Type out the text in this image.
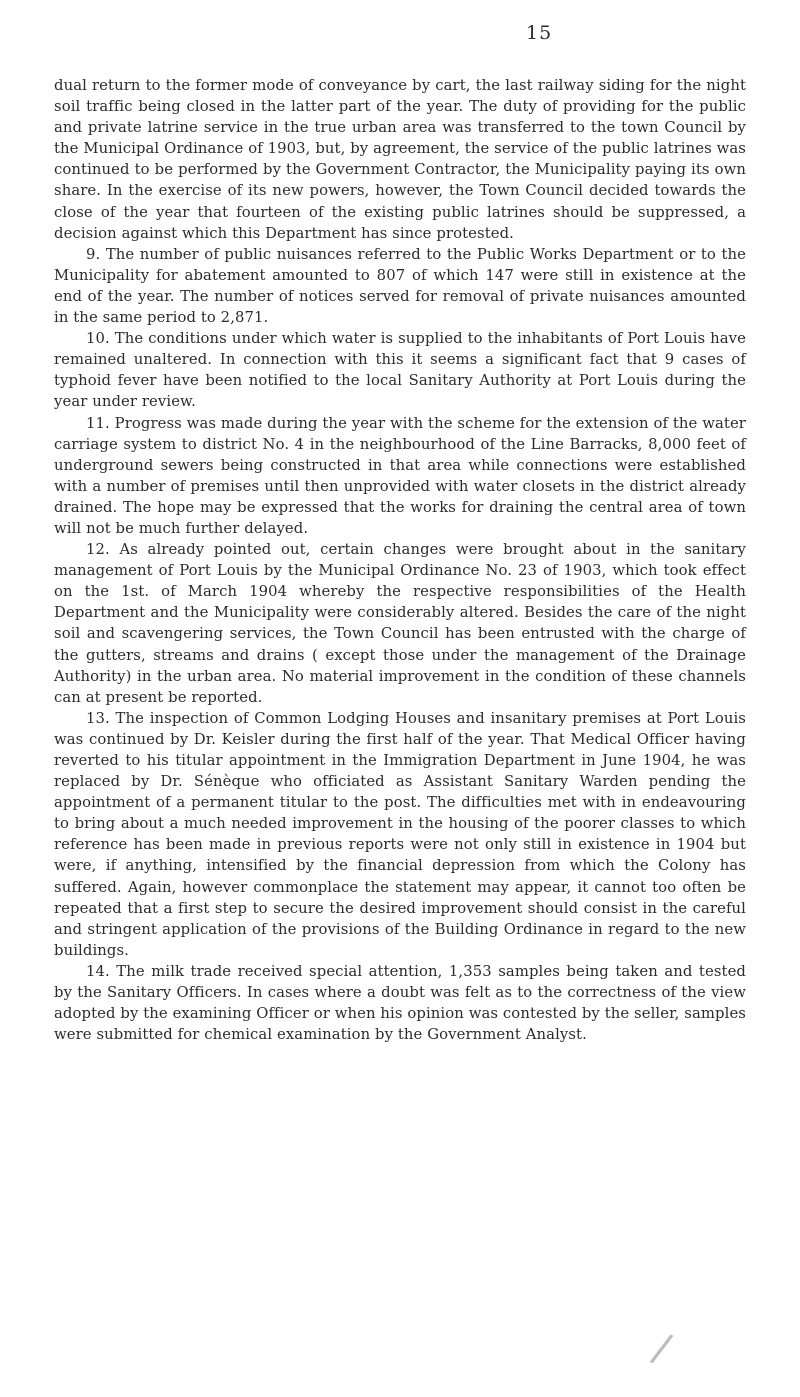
15

dual return to the former mode of conveyance by cart, the last railway siding for the night soil traffic being closed in the latter part of the year. The duty of providing for the public and private latrine service in the true urban area was transferred to the town Council by the Municipal Ordinance of 1903, but, by agreement, the service of the public latrines was continued to be performed by the Government Contractor, the Municipality paying its own share. In the exercise of its new powers, however, the Town Council decided towards the close of the year that fourteen of the existing public latrines should be suppressed, a decision against which this Department has since protested.

9. The number of public nuisances referred to the Public Works Department or to the Municipality for abatement amounted to 807 of which 147 were still in existence at the end of the year. The number of notices served for removal of private nuisances amounted in the same period to 2,871.

10. The conditions under which water is supplied to the inhabitants of Port Louis have remained unaltered. In connection with this it seems a significant fact that 9 cases of typhoid fever have been notified to the local Sanitary Authority at Port Louis during the year under review.

11. Progress was made during the year with the scheme for the extension of the water carriage system to district No. 4 in the neighbourhood of the Line Barracks, 8,000 feet of underground sewers being constructed in that area while connections were established with a number of premises until then unprovided with water closets in the district already drained. The hope may be expressed that the works for draining the central area of town will not be much further delayed.

12. As already pointed out, certain changes were brought about in the sanitary management of Port Louis by the Municipal Ordinance No. 23 of 1903, which took effect on the 1st. of March 1904 whereby the respective responsibilities of the Health Department and the Municipality were considerably altered. Besides the care of the night soil and scavengering services, the Town Council has been entrusted with the charge of the gutters, streams and drains ( except those under the management of the Drainage Authority) in the urban area. No material improvement in the condition of these channels can at present be reported.

13. The inspection of Common Lodging Houses and insanitary premises at Port Louis was continued by Dr. Keisler during the first half of the year. That Medical Officer having reverted to his titular appointment in the Immigration Department in June 1904, he was replaced by Dr. Sénèque who officiated as Assistant Sanitary Warden pending the appointment of a permanent titular to the post. The difficulties met with in endeavouring to bring about a much needed improvement in the housing of the poorer classes to which reference has been made in previous reports were not only still in existence in 1904 but were, if anything, intensified by the financial depression from which the Colony has suffered. Again, however commonplace the statement may appear, it cannot too often be repeated that a first step to secure the desired improvement should consist in the careful and stringent application of the provisions of the Building Ordinance in regard to the new buildings.

14. The milk trade received special attention, 1,353 samples being taken and tested by the Sanitary Officers. In cases where a doubt was felt as to the correctness of the view adopted by the examining Officer or when his opinion was contested by the seller, samples were submitted for chemical examination by the Government Analyst.

/
